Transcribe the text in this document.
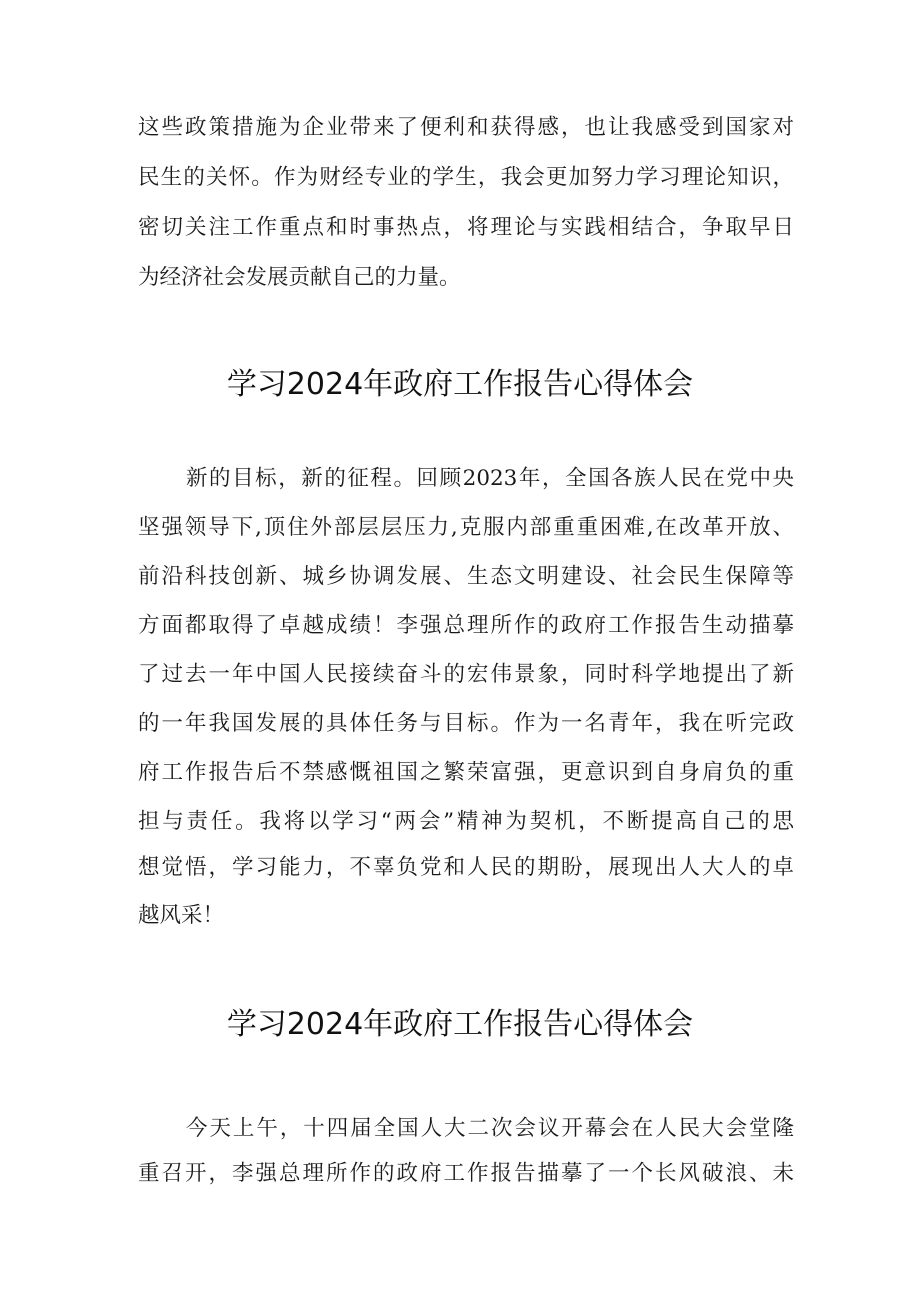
这些政策措施为企业带来了便利和获得感，也让我感受到国家对

民生的关怀。作为财经专业的学生，我会更加努力学习理论知识，

密切关注工作重点和时事热点，将理论与实践相结合，争取早日

为经济社会发展贡献自己的力量。

学习2024年政府工作报告心得体会

新的目标，新的征程。回顾2023年，全国各族人民在党中央

坚强领导下,顶住外部层层压力,克服内部重重困难,在改革开放、

前沿科技创新、城乡协调发展、生态文明建设、社会民生保障等

方面都取得了卓越成绩！李强总理所作的政府工作报告生动描摹

了过去一年中国人民接续奋斗的宏伟景象，同时科学地提出了新

的一年我国发展的具体任务与目标。作为一名青年，我在听完政

府工作报告后不禁感慨祖国之繁荣富强，更意识到自身肩负的重

担与责任。我将以学习“两会”精神为契机，不断提高自己的思

想觉悟，学习能力，不辜负党和人民的期盼，展现出人大人的卓

越风采！

学习2024年政府工作报告心得体会

今天上午，十四届全国人大二次会议开幕会在人民大会堂隆

重召开，李强总理所作的政府工作报告描摹了一个长风破浪、未
